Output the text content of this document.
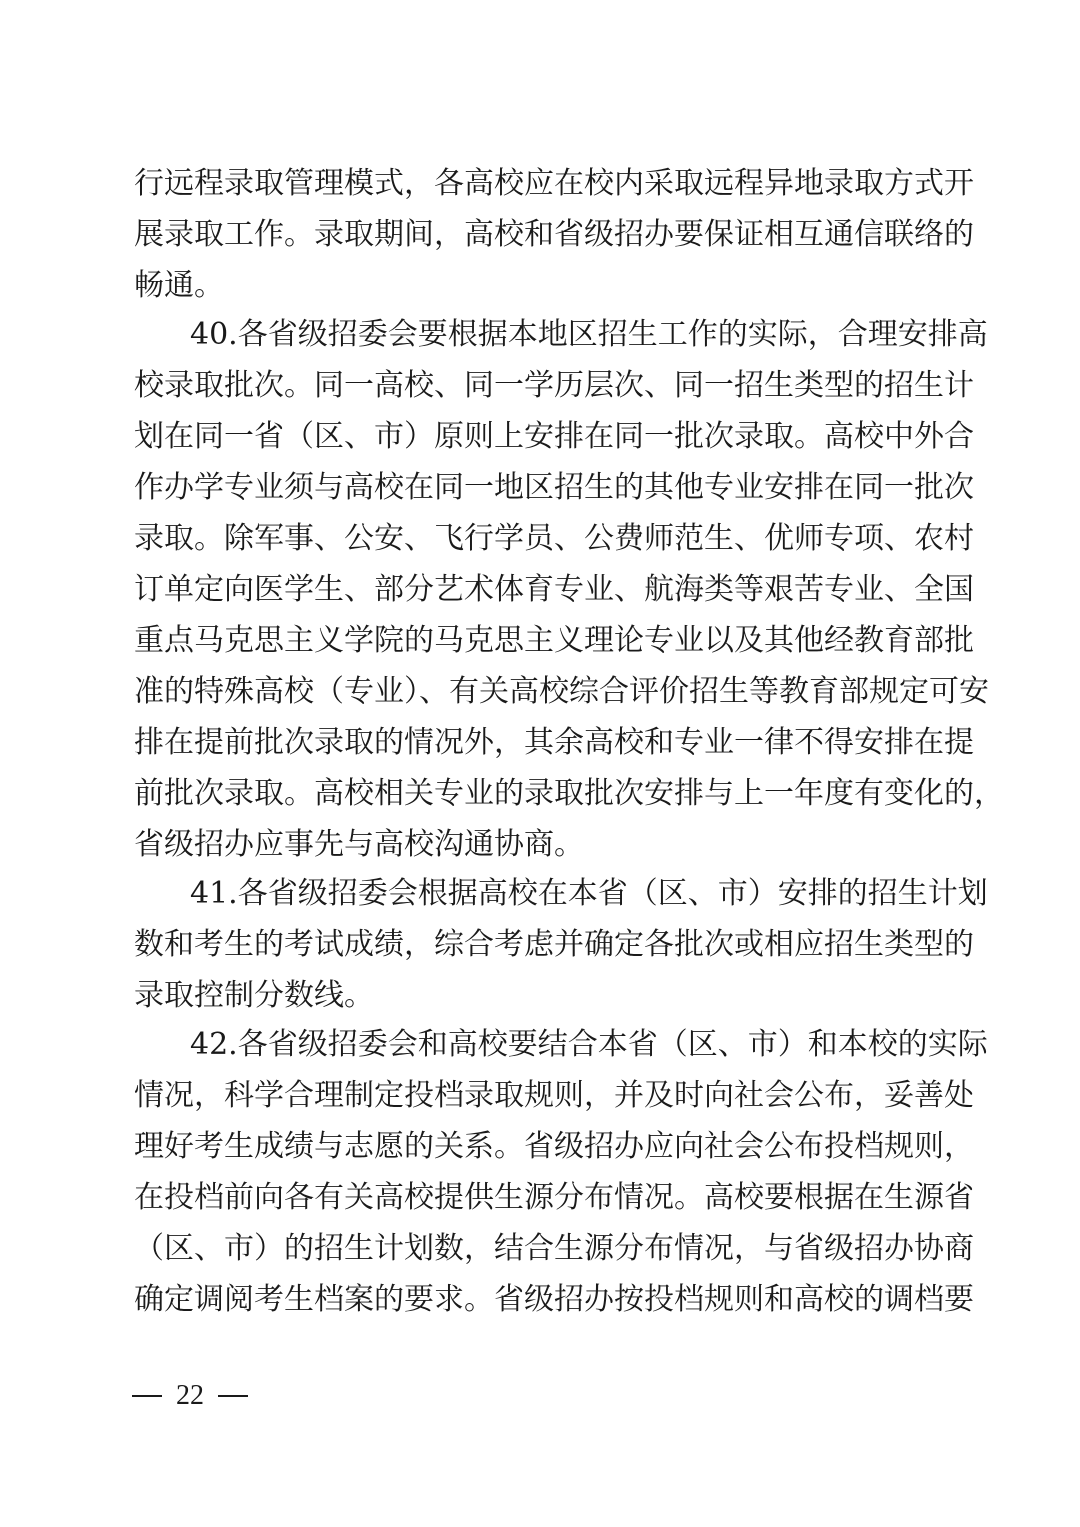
行远程录取管理模式，各高校应在校内采取远程异地录取方式开
展录取工作。录取期间，高校和省级招办要保证相互通信联络的
畅通。
40.各省级招委会要根据本地区招生工作的实际，合理安排高
校录取批次。同一高校、同一学历层次、同一招生类型的招生计
划在同一省（区、市）原则上安排在同一批次录取。高校中外合
作办学专业须与高校在同一地区招生的其他专业安排在同一批次
录取。除军事、公安、飞行学员、公费师范生、优师专项、农村
订单定向医学生、部分艺术体育专业、航海类等艰苦专业、全国
重点马克思主义学院的马克思主义理论专业以及其他经教育部批
准的特殊高校（专业）、有关高校综合评价招生等教育部规定可安
排在提前批次录取的情况外，其余高校和专业一律不得安排在提
前批次录取。高校相关专业的录取批次安排与上一年度有变化的，
省级招办应事先与高校沟通协商。
41.各省级招委会根据高校在本省（区、市）安排的招生计划
数和考生的考试成绩，综合考虑并确定各批次或相应招生类型的
录取控制分数线。
42.各省级招委会和高校要结合本省（区、市）和本校的实际
情况，科学合理制定投档录取规则，并及时向社会公布，妥善处
理好考生成绩与志愿的关系。省级招办应向社会公布投档规则，
在投档前向各有关高校提供生源分布情况。高校要根据在生源省
（区、市）的招生计划数，结合生源分布情况，与省级招办协商
确定调阅考生档案的要求。省级招办按投档规则和高校的调档要
22
